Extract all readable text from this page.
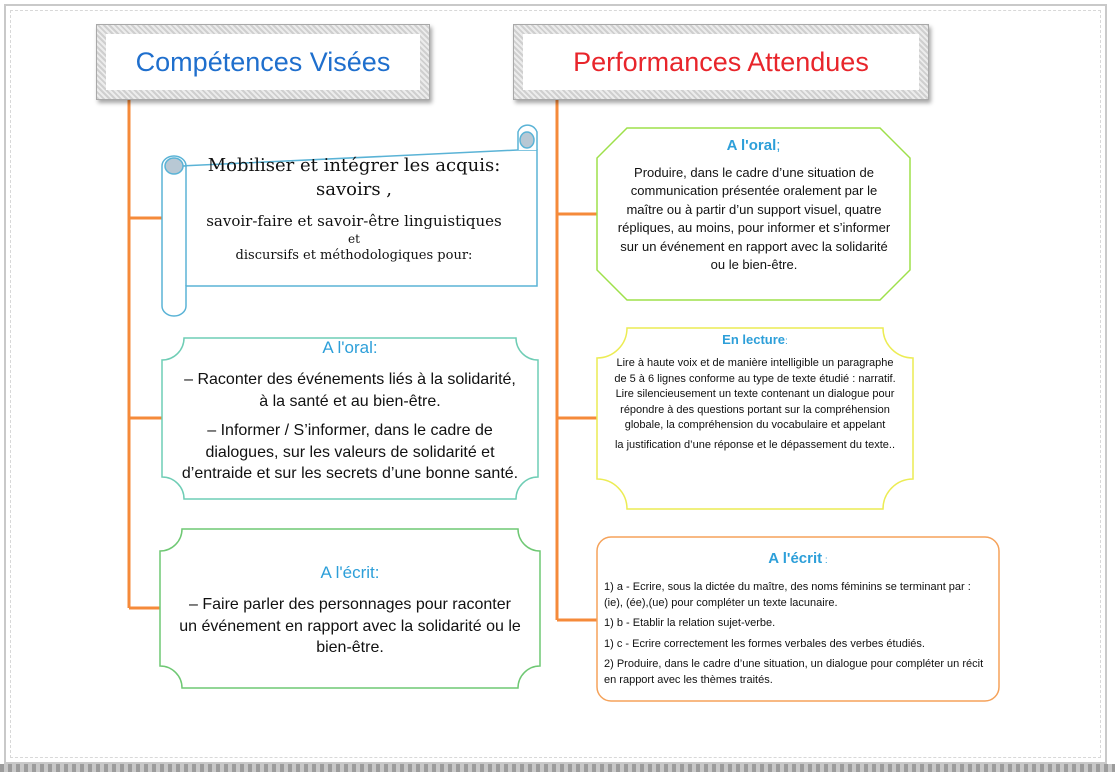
Compétences Visées	Performances Attendues
Mobiliser et intégrer les acquis:
savoirs ,
savoir-faire et savoir-être linguistiques
et
discursifs et méthodologiques pour:
A l'oral:

– Raconter des événements liés à la solidarité, à la santé et au bien-être.

– Informer / S’informer, dans le cadre de dialogues, sur les valeurs de solidarité et d’entraide et sur les secrets d’une bonne santé.

A l'écrit:
– Faire parler des personnages pour raconter un événement en rapport avec la solidarité ou le bien-être.
A l'oral;
Produire, dans le cadre d’une situation de communication présentée oralement par le maître ou à partir d’un support visuel, quatre répliques, au moins, pour informer et s’informer sur un événement en rapport avec la solidarité ou le bien-être.
En lecture:

Lire à haute voix et de manière intelligible un paragraphe de 5 à 6 lignes conforme au type de texte étudié : narratif. Lire silencieusement un texte contenant un dialogue pour répondre à des questions portant sur la compréhension globale, la compréhension du vocabulaire et appelant

la justification d’une réponse et le dépassement du texte..

A l'écrit :

1) a - Ecrire, sous la dictée du maître, des noms féminins se terminant par : (ie), (ée),(ue) pour compléter un texte lacunaire.

1) b - Etablir la relation sujet-verbe.

1) c - Ecrire correctement les formes verbales des verbes étudiés.

2) Produire, dans le cadre d’une situation, un dialogue pour compléter un récit en rapport avec les thèmes traités.
